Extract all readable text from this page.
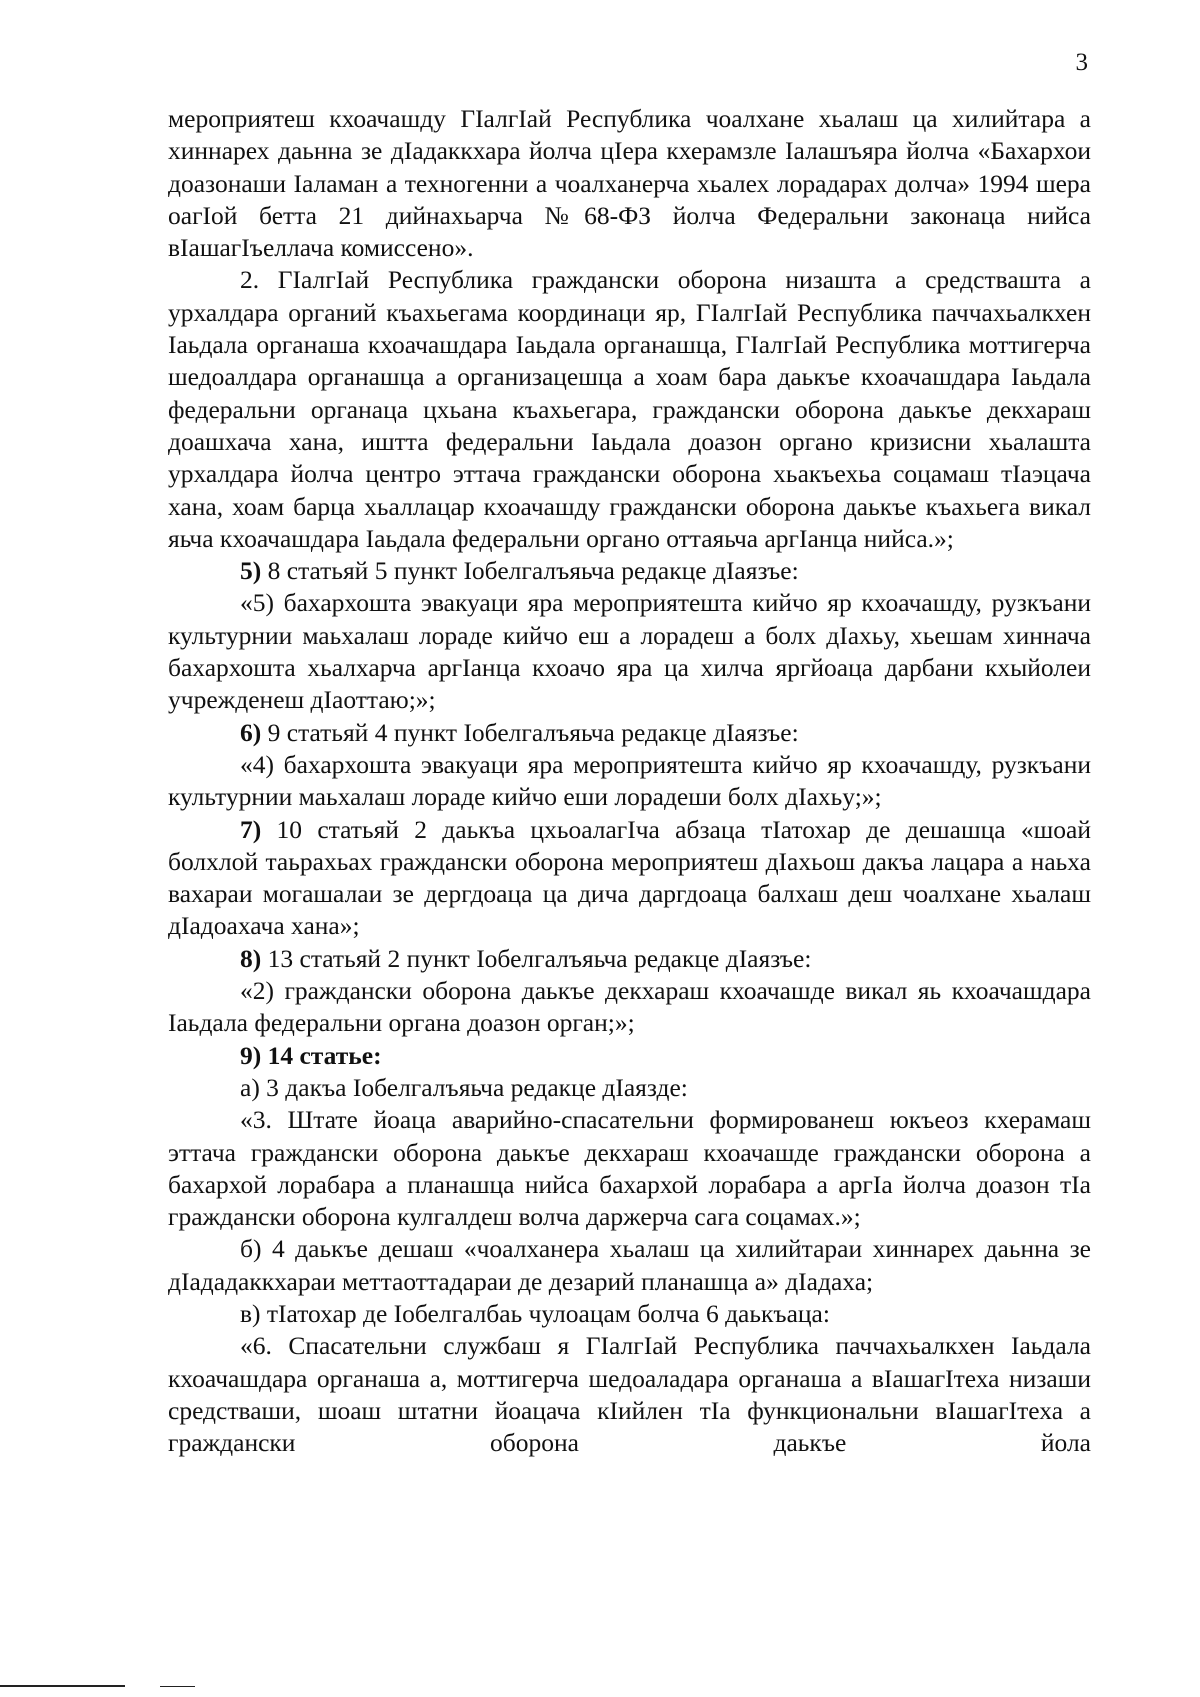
3

мероприятеш кхоачашду ГІалгІай Республика чоалхане хьалаш ца хилийтара а хиннарех даьнна зе дІадаккхара йолча цІера кхерамзле Іалашъяра йолча «Бахархои доазонаши Іаламан а техногенни а чоалханерча хьалех лорадарах долча» 1994 шера оагІой бетта 21 дийнахьарча №68-ФЗ йолча Федеральни законаца нийса вІашагІъеллача комиссено».

2. ГІалгІай Республика граждански оборона низашта а средствашта а урхалдара органий къахьегама координаци яр, ГІалгІай Республика паччахьалкхен Іаьдала органаша кхоачашдара Іаьдала органашца, ГІалгІай Республика моттигерча шедоалдара органашца а организацешца а хоам бара даькъе кхоачашдара Іаьдала федеральни органаца цхьана къахьегара, граждански оборона даькъе декхараш доашхача хана, иштта федеральни Іаьдала доазон органо кризисни хьалашта урхалдара йолча центро эттача граждански оборона хьакъехьа соцамаш тІаэцача хана, хоам барца хьаллацар кхоачашду граждански оборона даькъе къахьега викал яьча кхоачашдара Іаьдала федеральни органо оттаяьча аргІанца нийса.»;

5) 8 статьяй 5 пункт Іобелгалъяьча редакце дІаязъе:

«5) бахархошта эвакуаци яра мероприятешта кийчо яр кхоачашду, рузкъани культурнии маьхалаш лораде кийчо еш а лорадеш а болх дІахьу, хьешам хиннача бахархошта хьалхарча аргІанца кхоачо яра ца хилча яргйоаца дарбани кхыйолеи учрежденеш дІаоттаю;»;

6) 9 статьяй 4 пункт Іобелгалъяьча редакце дІаязъе:

«4) бахархошта эвакуаци яра мероприятешта кийчо яр кхоачашду, рузкъани культурнии маьхалаш лораде кийчо еши лорадеши болх дІахьу;»;

7) 10 статьяй 2 даькъа цхьоалагІча абзаца тІатохар де дешашца «шоай болхлой таьрахьах граждански оборона мероприятеш дІахьош дакъа лацара а наьха вахараи могашалаи зе дергдоаца ца дича даргдоаца балхаш деш чоалхане хьалаш дІадоахача хана»;

8) 13 статьяй 2 пункт Іобелгалъяьча редакце дІаязъе:

«2) граждански оборона даькъе декхараш кхоачашде викал яь кхоачашдара Іаьдала федеральни органа доазон орган;»;

9) 14 статье:

а) 3 дакъа Іобелгалъяьча редакце дІаязде:

«3. Штате йоаца аварийно-спасательни формированеш юкъеоз кхерамаш эттача граждански оборона даькъе декхараш кхоачашде граждански оборона а бахархой лорабара а планашца нийса бахархой лорабара а аргІа йолча доазон тІа граждански оборона кулгалдеш волча даржерча сага соцамах.»;

б) 4 даькъе дешаш «чоалханера хьалаш ца хилийтараи хиннарех даьнна зе дІададаккхараи меттаоттадараи де дезарий планашца а» дІадаха;

в) тІатохар де Іобелгалбаь чулоацам болча 6 даькъаца:

«6. Спасательни службаш я ГІалгІай Республика паччахьалкхен Іаьдала кхоачашдара органаша а, моттигерча шедоаладара органаша а вІашагІтеха низаши средстваши, шоаш штатни йоацача кІийлен тІа функциональни вІашагІтеха а граждански оборона даькъе йола
